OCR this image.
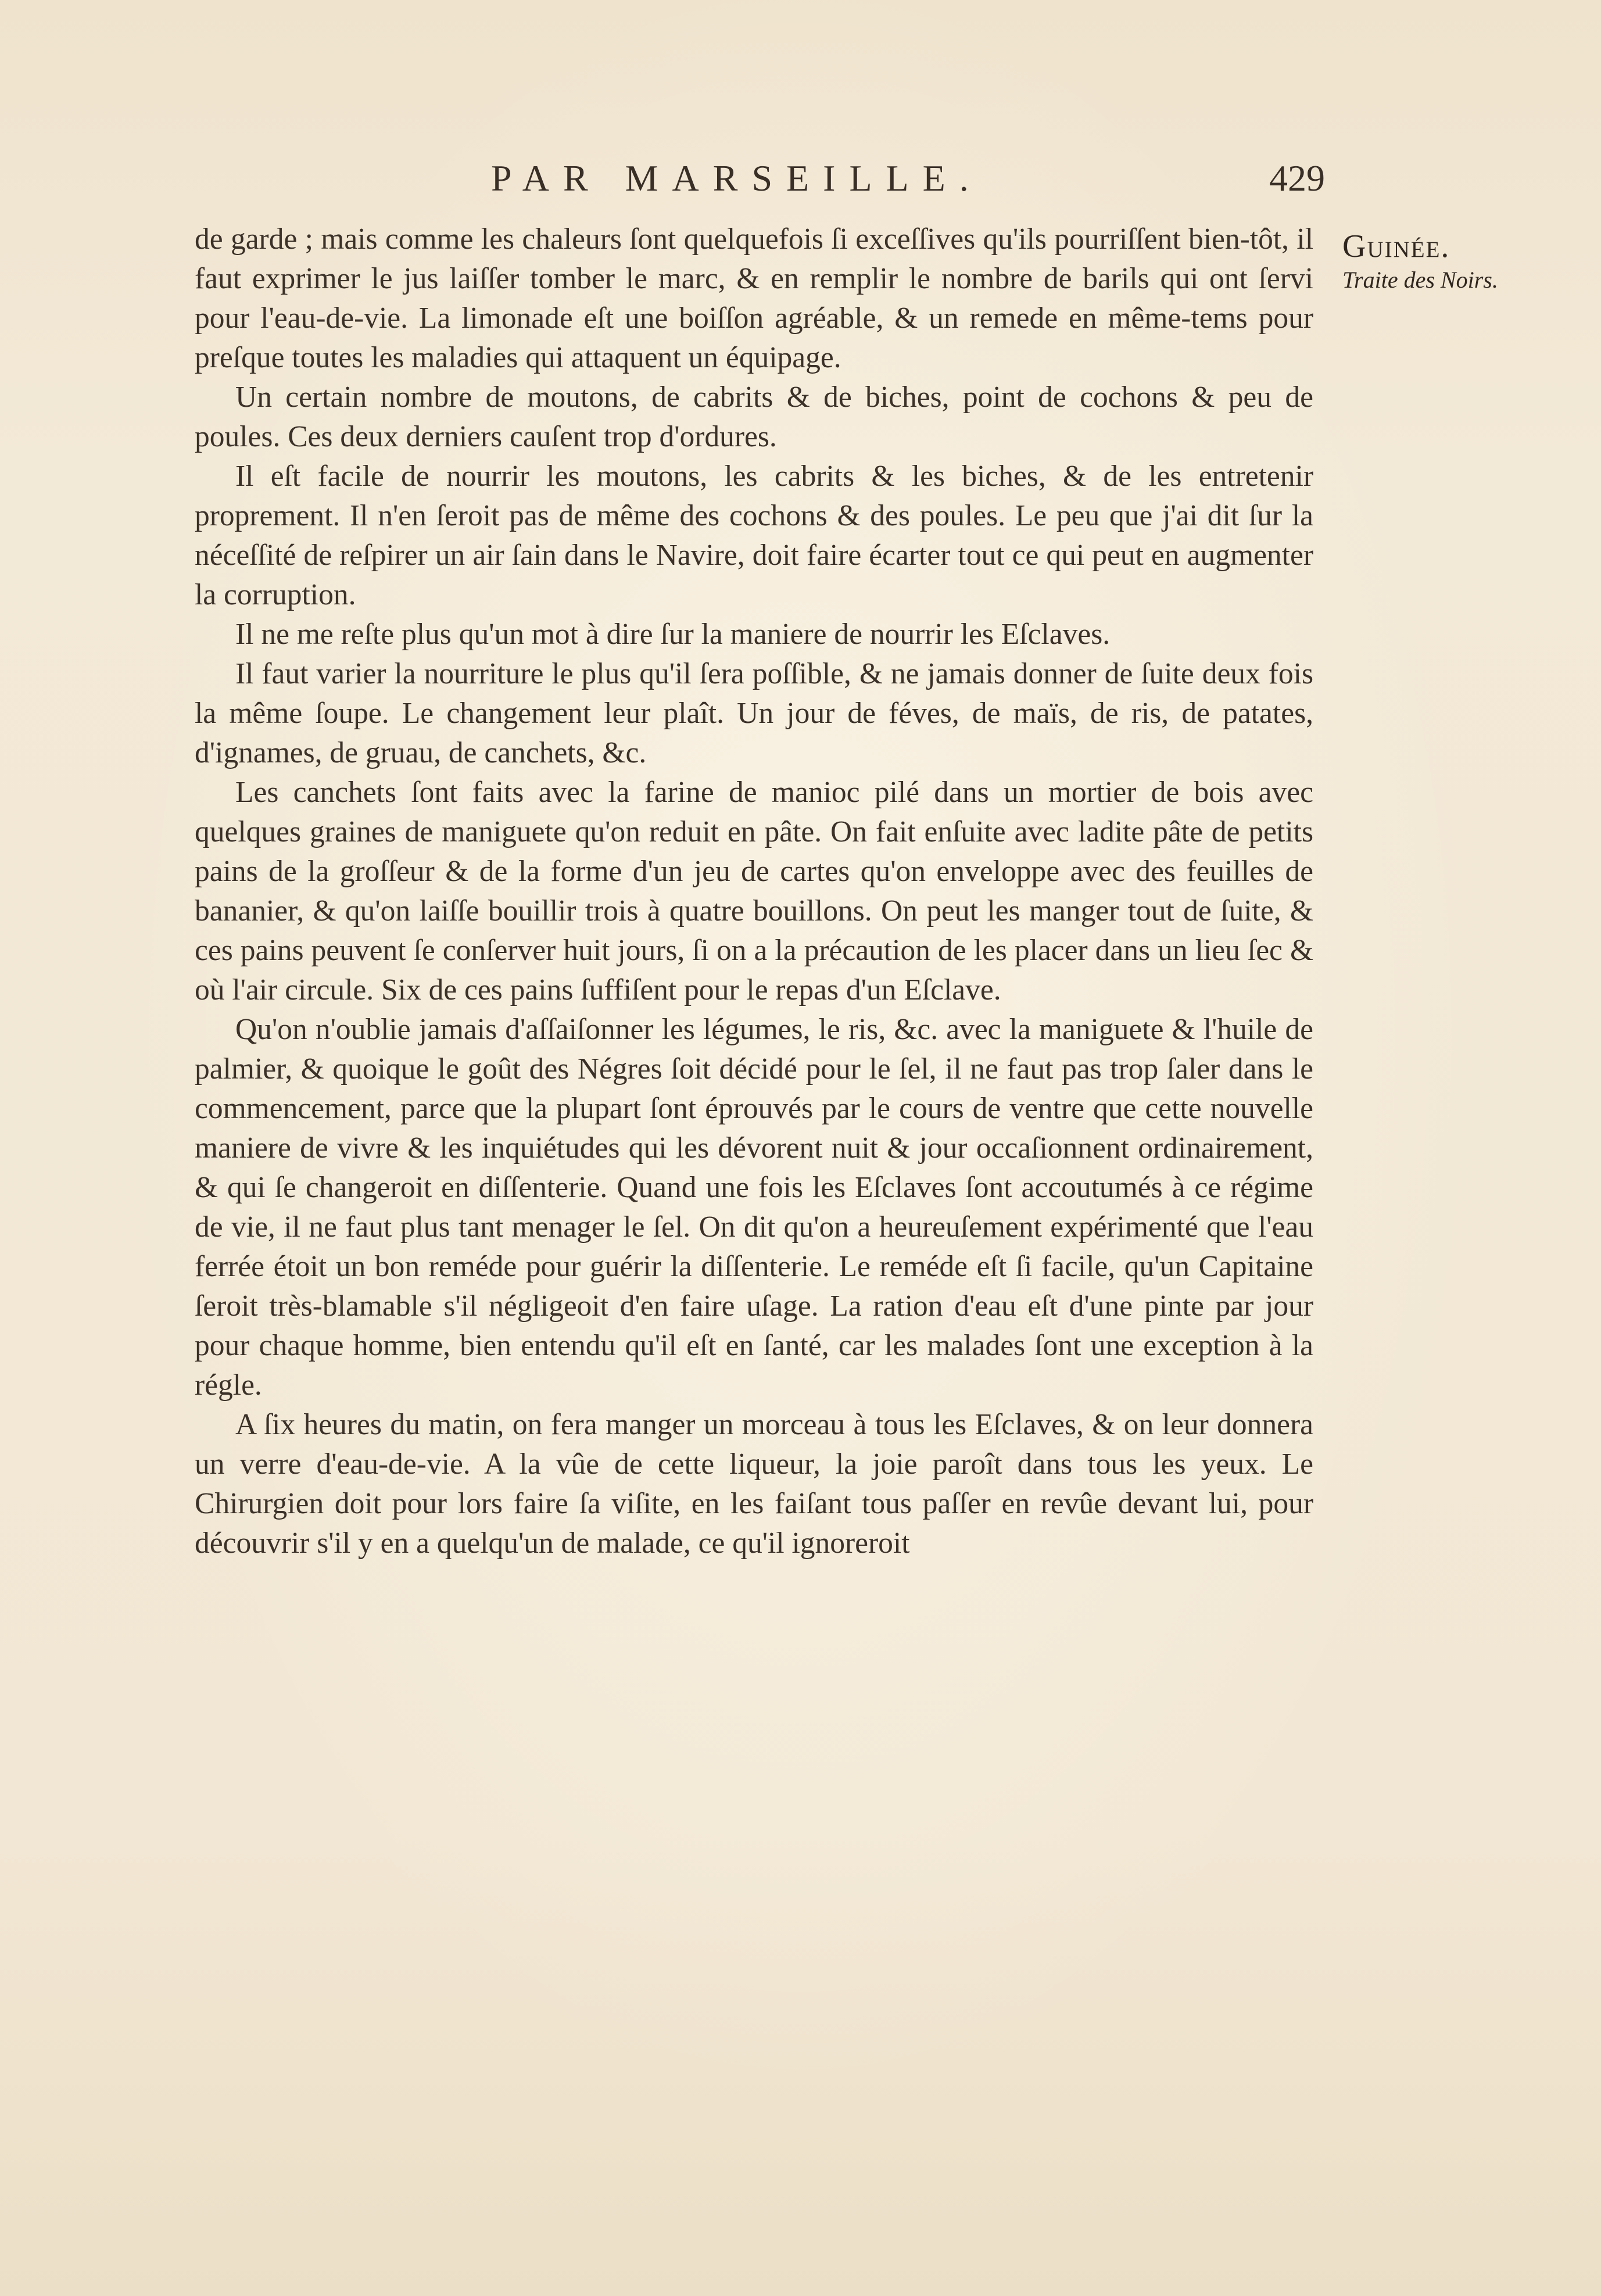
PAR MARSEILLE.	429
Guinée.
Traite des Noirs.

de garde ; mais comme les chaleurs ſont quelquefois ſi exceſſives qu'ils pourriſſent bien-tôt, il faut exprimer le jus laiſſer tomber le marc, & en remplir le nombre de barils qui ont ſervi pour l'eau-de-vie. La limonade eſt une boiſſon agréable, & un remede en même-tems pour preſque toutes les maladies qui attaquent un équipage.

Un certain nombre de moutons, de cabrits & de biches, point de cochons & peu de poules. Ces deux derniers cauſent trop d'ordures.

Il eſt facile de nourrir les moutons, les cabrits & les biches, & de les entretenir proprement. Il n'en ſeroit pas de même des cochons & des poules. Le peu que j'ai dit ſur la néceſſité de reſpirer un air ſain dans le Navire, doit faire écarter tout ce qui peut en augmenter la corruption.

Il ne me reſte plus qu'un mot à dire ſur la maniere de nourrir les Eſclaves.

Il faut varier la nourriture le plus qu'il ſera poſſible, & ne jamais donner de ſuite deux fois la même ſoupe. Le changement leur plaît. Un jour de féves, de maïs, de ris, de patates, d'ignames, de gruau, de canchets, &c.

Les canchets ſont faits avec la farine de manioc pilé dans un mortier de bois avec quelques graines de maniguete qu'on reduit en pâte. On fait enſuite avec ladite pâte de petits pains de la groſſeur & de la forme d'un jeu de cartes qu'on enveloppe avec des feuilles de bananier, & qu'on laiſſe bouillir trois à quatre bouillons. On peut les manger tout de ſuite, & ces pains peuvent ſe conſerver huit jours, ſi on a la précaution de les placer dans un lieu ſec & où l'air circule. Six de ces pains ſuffiſent pour le repas d'un Eſclave.

Qu'on n'oublie jamais d'aſſaiſonner les légumes, le ris, &c. avec la maniguete & l'huile de palmier, & quoique le goût des Négres ſoit décidé pour le ſel, il ne faut pas trop ſaler dans le commencement, parce que la plupart ſont éprouvés par le cours de ventre que cette nouvelle maniere de vivre & les inquiétudes qui les dévorent nuit & jour occaſionnent ordinairement, & qui ſe changeroit en diſſenterie. Quand une fois les Eſclaves ſont accoutumés à ce régime de vie, il ne faut plus tant menager le ſel. On dit qu'on a heureuſement expérimenté que l'eau ferrée étoit un bon reméde pour guérir la diſſenterie. Le reméde eſt ſi facile, qu'un Capitaine ſeroit très-blamable s'il négligeoit d'en faire uſage. La ration d'eau eſt d'une pinte par jour pour chaque homme, bien entendu qu'il eſt en ſanté, car les malades ſont une exception à la régle.

A ſix heures du matin, on fera manger un morceau à tous les Eſclaves, & on leur donnera un verre d'eau-de-vie. A la vûe de cette liqueur, la joie paroît dans tous les yeux. Le Chirurgien doit pour lors faire ſa viſite, en les faiſant tous paſſer en revûe devant lui, pour découvrir s'il y en a quelqu'un de malade, ce qu'il ignoreroit
